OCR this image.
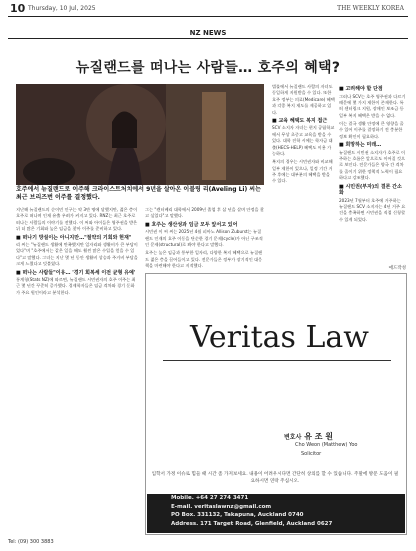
10 Thursday, 10 Jul, 2025	THE WEEKLY KOREA
NZ NEWS
뉴질랜드를 떠나는 사람들… 호주의 혜택?
호주에서 뉴질랜드로 이주해 크라이스트처치에서 9년을 살아온 이블링 리(Aveling Li) 씨는 최근 브리즈번 이주를 결정했다.

지난해 뉴질랜드의 순이민 인구는 약 3만 명에 달했지만, 젊은 층이 호주로 떠나며 인재 유출 우려가 커지고 있다. RNZ는 최근 호주로 떠나는 사람들의 이야기를 전했다. 이 씨와 아이들은 영주권을 받은 뒤 더 많은 기회와 높은 임금을 찾아 이주를 준비하고 있다.

■ 떠나기 망설이는 아니지만…"절약의 기회와 현재"

리 씨는 "뉴질랜드 생활에 만족했지만 일자리와 생활비가 큰 부담이었다"며 "호주에서는 같은 일을 해도 훨씬 많은 수입을 얻을 수 있다"고 말했다. 그녀는 지난 몇 년 동안 생활비 상승과 주거비 부담을 크게 느꼈다고 덧붙였다.

■ 떠나는 사람들"이유… '경기 회복세 이전 균형 유예'

통계청(Stats NZ)에 따르면, 뉴질랜드 시민권자의 호주 이주는 최근 몇 년간 꾸준히 증가했다. 경제학자들은 임금 격차와 경기 둔화가 주요 원인이라고 분석한다.

그는 "캔터베리 대학에서 2009년 졸업 후 삼 년을 살며 안정을 찾고 싶었다"고 말했다.

■ 호주는 생산성과 임금 모두 앞서고 있어

시민권 이 씨 씨는 2025년 4월 피아노 Allison Zuburst는 뉴질랜드 인재의 호주 이동을 단순한 경기 문제(cycle)가 아닌 구조적인 문제(structural)로 봐야 한다고 말했다.

호주는 높은 임금과 풍부한 일자리, 다양한 복지 혜택으로 뉴질랜드 젊은 층을 끌어들이고 있다. 전문가들은 정부가 장기적인 대응책을 마련해야 한다고 지적했다.

법률에서 뉴질랜드 사람의 자녀도 동일하게 지원받을 수 있다. 또한 호주 정부는 의료(Medicare) 혜택과 각종 복지 제도를 제공하고 있다.

■ 교육 혜택도 복지 접근

SCV 소지자 자녀는 현지 공립학교에서 무상 초중고 교육을 받을 수 있다. 대학 진학 시에는 학자금 대출(HECS-HELP) 혜택도 이용 가능하다.

복지의 경우는 시민권자와 비교해 일부 제한이 있으나, 일정 기간 거주 후에는 대부분의 혜택을 받을 수 있다.

■ 고려해야 할 단점

그러나 SCV는 호주 영주권과 다르기 때문에 몇 가지 제한이 존재한다. 특히 센터링크 지원, 장애인 보조금 등 일부 복지 혜택은 받을 수 없다.

이는 결국 생활 안정에 큰 영향을 줄 수 있어 이주를 결정하기 전 충분한 정보 확인이 필요하다.

■ 희망하는 미래…

뉴질랜드 시민권 소지자가 호주로 이주하는 흐름은 앞으로도 이어질 것으로 보인다. 전문가들은 양국 간 격차를 줄이기 위한 정책적 노력이 필요하다고 강조했다.

■ 시민권(부자)의 결론 간소화

2023년 7월부터 호주에 거주하는 뉴질랜드 SCV 소지자는 4년 거주 요건을 충족하면 시민권을 직접 신청할 수 있게 되었다.

애드작성
Veritas Law
변호사 유 조 원
Cho Weon (Matthew) Yoo
Solicitor
입학서 가정 이슈로 힘들 때 시간 좀 가져보세요. 내용이 어려우시다면 간단히 상의를 할 수 있습니다. 주말에 방문 도움이 필요하시면 연락 주십시오.
Mobile. +64 27 274 3471
E-mail. veritaslawnz@gmail.com
PO Box. 331132, Takapuna, Auckland 0740
Address. 171 Target Road, Glenfield, Auckland 0627
Tel: (09) 300 3883
